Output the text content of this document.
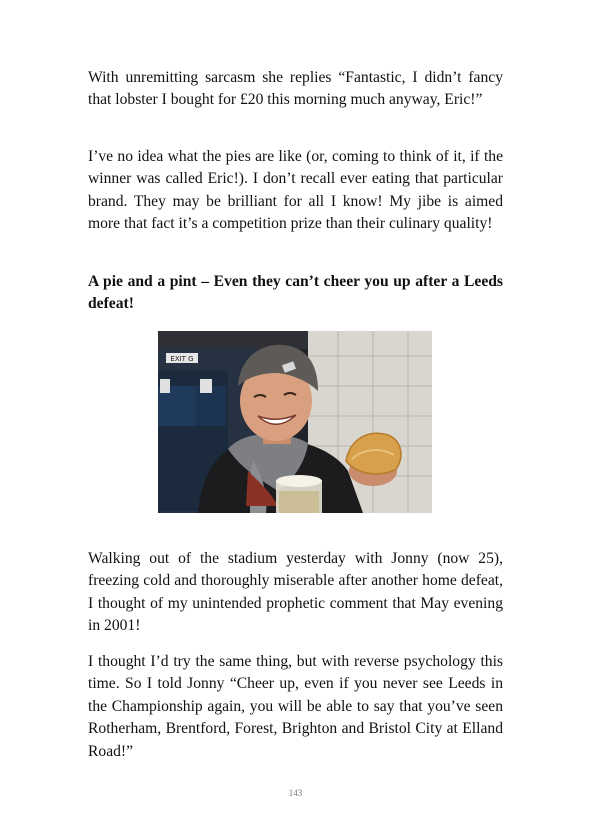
With unremitting sarcasm she replies “Fantastic, I didn’t fancy that lobster I bought for £20 this morning much anyway, Eric!”

I’ve no idea what the pies are like (or, coming to think of it, if the winner was called Eric!). I don’t recall ever eating that particular brand. They may be brilliant for all I know! My jibe is aimed more that fact it’s a competition prize than their culinary quality!

A pie and a pint – Even they can’t cheer you up after a Leeds defeat!

EXIT G

Walking out of the stadium yesterday with Jonny (now 25), freezing cold and thoroughly miserable after another home defeat, I thought of my unintended prophetic comment that May evening in 2001!

I thought I’d try the same thing, but with reverse psychology this time. So I told Jonny “Cheer up, even if you never see Leeds in the Championship again, you will be able to say that you’ve seen Rotherham, Brentford, Forest, Brighton and Bristol City at Elland Road!”

143
